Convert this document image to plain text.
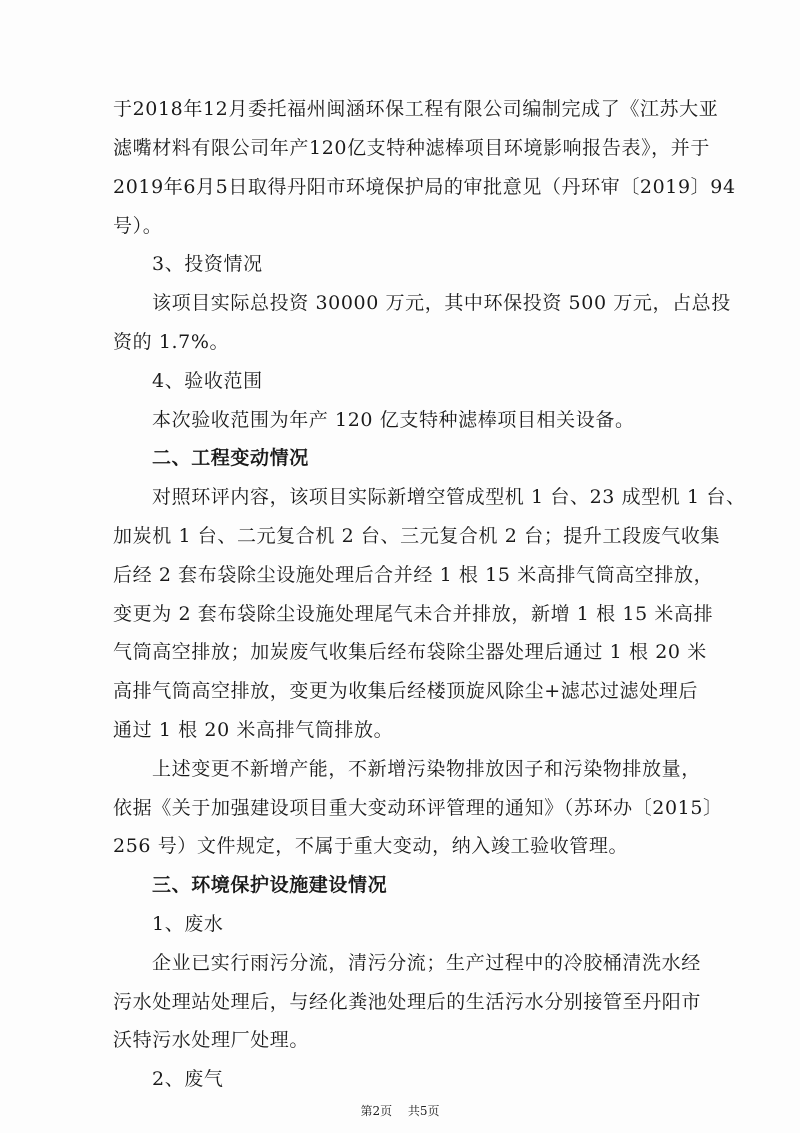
于2018年12月委托福州闽涵环保工程有限公司编制完成了《江苏大亚
滤嘴材料有限公司年产120亿支特种滤棒项目环境影响报告表》，并于
2019年6月5日取得丹阳市环境保护局的审批意见（丹环审〔2019〕94
号）。
3、投资情况
该项目实际总投资 30000 万元，其中环保投资 500 万元，占总投
资的 1.7%。
4、验收范围
本次验收范围为年产 120 亿支特种滤棒项目相关设备。
二、工程变动情况
对照环评内容，该项目实际新增空管成型机 1 台、23 成型机 1 台、
加炭机 1 台、二元复合机 2 台、三元复合机 2 台；提升工段废气收集
后经 2 套布袋除尘设施处理后合并经 1 根 15 米高排气筒高空排放，
变更为 2 套布袋除尘设施处理尾气未合并排放，新增 1 根 15 米高排
气筒高空排放；加炭废气收集后经布袋除尘器处理后通过 1 根 20 米
高排气筒高空排放，变更为收集后经楼顶旋风除尘+滤芯过滤处理后
通过 1 根 20 米高排气筒排放。
上述变更不新增产能，不新增污染物排放因子和污染物排放量，
依据《关于加强建设项目重大变动环评管理的通知》（苏环办〔2015〕
256 号）文件规定，不属于重大变动，纳入竣工验收管理。
三、环境保护设施建设情况
1、废水
企业已实行雨污分流，清污分流；生产过程中的冷胶桶清洗水经
污水处理站处理后，与经化粪池处理后的生活污水分别接管至丹阳市
沃特污水处理厂处理。
2、废气
第2页 共5页
